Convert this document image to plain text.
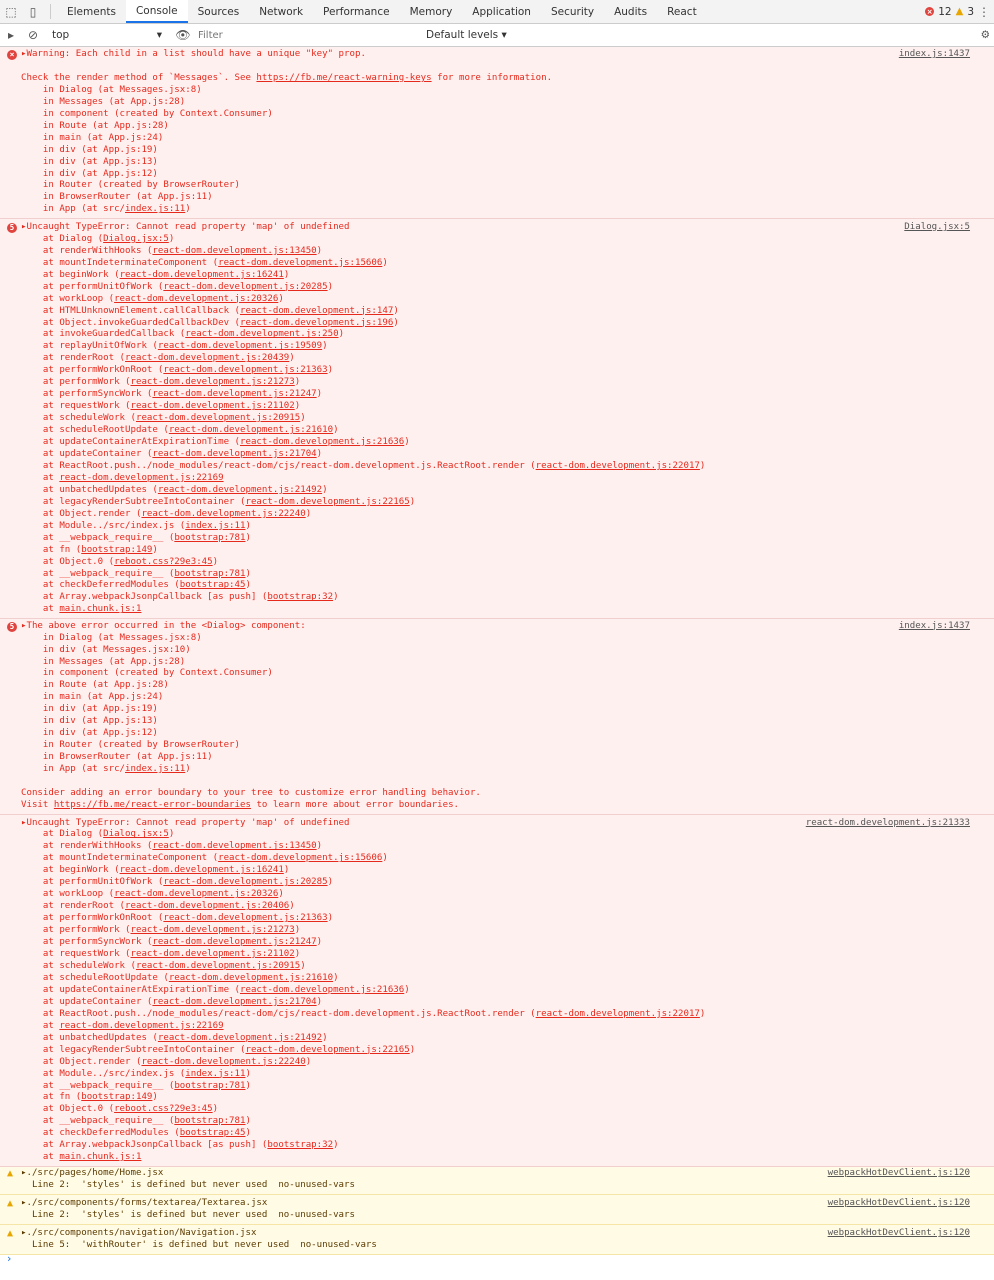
⬚	▯	Elements	Console	Sources	Network	Performance	Memory	Application	Security	Audits	React	× 12 ▲ 3 ⋮
▸	⊘	top	▾ 👁
Filter	Default levels ▾	⚙
×	index.js:1437
▸Warning: Each child in a list should have a unique "key" prop.
Check the render method of `Messages`. See https://fb.me/react-warning-keys for more information.
in Dialog (at Messages.jsx:8)
in Messages (at App.js:28)
in component (created by Context.Consumer)
in Route (at App.js:28)
in main (at App.js:24)
in div (at App.js:19)
in div (at App.js:13)
in div (at App.js:12)
in Router (created by BrowserRouter)
in BrowserRouter (at App.js:11)
in App (at src/index.js:11)
5	Dialog.jsx:5
▸Uncaught TypeError: Cannot read property 'map' of undefined
at Dialog (Dialog.jsx:5)
at renderWithHooks (react-dom.development.js:13450)
at mountIndeterminateComponent (react-dom.development.js:15606)
at beginWork (react-dom.development.js:16241)
at performUnitOfWork (react-dom.development.js:20285)
at workLoop (react-dom.development.js:20326)
at HTMLUnknownElement.callCallback (react-dom.development.js:147)
at Object.invokeGuardedCallbackDev (react-dom.development.js:196)
at invokeGuardedCallback (react-dom.development.js:250)
at replayUnitOfWork (react-dom.development.js:19509)
at renderRoot (react-dom.development.js:20439)
at performWorkOnRoot (react-dom.development.js:21363)
at performWork (react-dom.development.js:21273)
at performSyncWork (react-dom.development.js:21247)
at requestWork (react-dom.development.js:21102)
at scheduleWork (react-dom.development.js:20915)
at scheduleRootUpdate (react-dom.development.js:21610)
at updateContainerAtExpirationTime (react-dom.development.js:21636)
at updateContainer (react-dom.development.js:21704)
at ReactRoot.push../node_modules/react-dom/cjs/react-dom.development.js.ReactRoot.render (react-dom.development.js:22017)
at react-dom.development.js:22169
at unbatchedUpdates (react-dom.development.js:21492)
at legacyRenderSubtreeIntoContainer (react-dom.development.js:22165)
at Object.render (react-dom.development.js:22240)
at Module../src/index.js (index.js:11)
at __webpack_require__ (bootstrap:781)
at fn (bootstrap:149)
at Object.0 (reboot.css?29e3:45)
at __webpack_require__ (bootstrap:781)
at checkDeferredModules (bootstrap:45)
at Array.webpackJsonpCallback [as push] (bootstrap:32)
at main.chunk.js:1
5	index.js:1437
▸The above error occurred in the <Dialog> component:
in Dialog (at Messages.jsx:8)
in div (at Messages.jsx:10)
in Messages (at App.js:28)
in component (created by Context.Consumer)
in Route (at App.js:28)
in main (at App.js:24)
in div (at App.js:19)
in div (at App.js:13)
in div (at App.js:12)
in Router (created by BrowserRouter)
in BrowserRouter (at App.js:11)
in App (at src/index.js:11)
Consider adding an error boundary to your tree to customize error handling behavior.
Visit https://fb.me/react-error-boundaries to learn more about error boundaries.
react-dom.development.js:21333
▸Uncaught TypeError: Cannot read property 'map' of undefined
at Dialog (Dialog.jsx:5)
at renderWithHooks (react-dom.development.js:13450)
at mountIndeterminateComponent (react-dom.development.js:15606)
at beginWork (react-dom.development.js:16241)
at performUnitOfWork (react-dom.development.js:20285)
at workLoop (react-dom.development.js:20326)
at renderRoot (react-dom.development.js:20406)
at performWorkOnRoot (react-dom.development.js:21363)
at performWork (react-dom.development.js:21273)
at performSyncWork (react-dom.development.js:21247)
at requestWork (react-dom.development.js:21102)
at scheduleWork (react-dom.development.js:20915)
at scheduleRootUpdate (react-dom.development.js:21610)
at updateContainerAtExpirationTime (react-dom.development.js:21636)
at updateContainer (react-dom.development.js:21704)
at ReactRoot.push../node_modules/react-dom/cjs/react-dom.development.js.ReactRoot.render (react-dom.development.js:22017)
at react-dom.development.js:22169
at unbatchedUpdates (react-dom.development.js:21492)
at legacyRenderSubtreeIntoContainer (react-dom.development.js:22165)
at Object.render (react-dom.development.js:22240)
at Module../src/index.js (index.js:11)
at __webpack_require__ (bootstrap:781)
at fn (bootstrap:149)
at Object.0 (reboot.css?29e3:45)
at __webpack_require__ (bootstrap:781)
at checkDeferredModules (bootstrap:45)
at Array.webpackJsonpCallback [as push] (bootstrap:32)
at main.chunk.js:1
▲	webpackHotDevClient.js:120
▸./src/pages/home/Home.jsx
Line 2:  'styles' is defined but never used  no-unused-vars
▲	webpackHotDevClient.js:120
▸./src/components/forms/textarea/Textarea.jsx
Line 2:  'styles' is defined but never used  no-unused-vars
▲	webpackHotDevClient.js:120
▸./src/components/navigation/Navigation.jsx
Line 5:  'withRouter' is defined but never used  no-unused-vars
›
